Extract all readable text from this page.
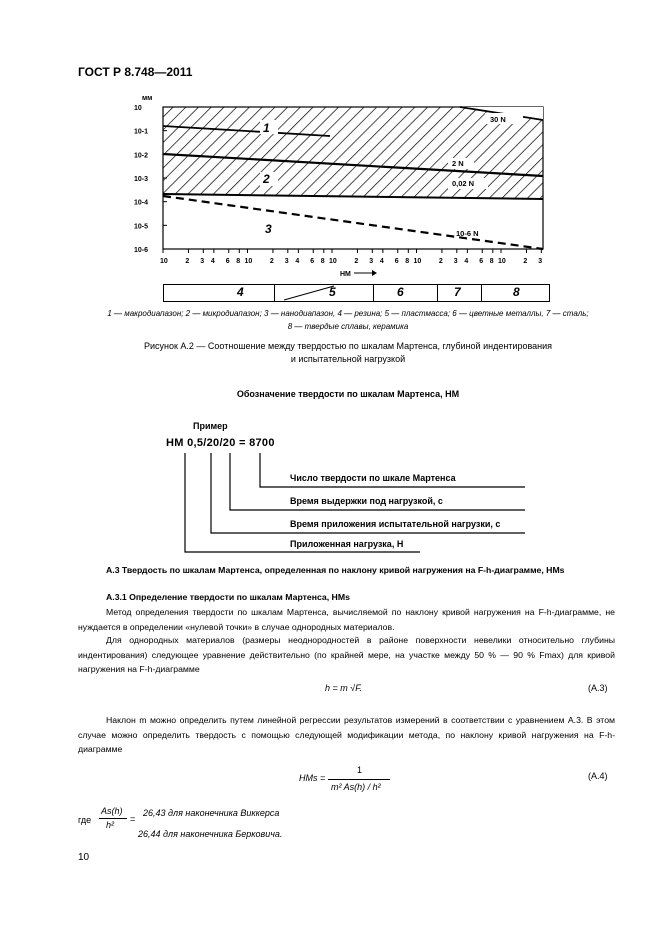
ГОСТ Р 8.748—2011
мм
10
10-1
10-2
10-3
10-4
10-5
10-6
10	2 3 4 6 8 10	2 3 4 6 8 10	2 3 4 6 8 10	2 3 4 6 8 10	2 3
1
2
3
30 N
2 N
0,02 N
10-6 N
HM
4	5	6	7	8
1 — макродиапазон; 2 — микродиапазон; 3 — нанодиапазон, 4 — резина; 5 — пластмасса; 6 — цветные металлы, 7 — сталь;
8 — твердые сплавы, керамика
Рисунок А.2 — Соотношение между твердостью по шкалам Мартенса, глубиной индентирования
и испытательной нагрузкой
Обозначение твердости по шкалам Мартенса, НМ
Пример
HM 0,5/20/20 = 8700
Число твердости по шкале Мартенса
Время выдержки под нагрузкой, с
Время приложения испытательной нагрузки, с
Приложенная нагрузка, Н
А.3 Твердость по шкалам Мартенса, определенная по наклону кривой нагружения на F-h-диаграмме, HMs
А.3.1 Определение твердости по шкалам Мартенса, HMs
Метод определения твердости по шкалам Мартенса, вычисляемой по наклону кривой нагружения на F-h-диаграмме, не нуждается в определении «нулевой точки» в случае однородных материалов.
Для однородных материалов (размеры неоднородностей в районе поверхности невелики относительно глубины индентирования) следующее уравнение действительно (по крайней мере, на участке между 50 % — 90 % Fmax) для кривой нагружения на F-h-диаграмме
h = m √F.	(А.3)
Наклон m можно определить путем линейной регрессии результатов измерений в соответствии с уравнением А.3. В этом случае можно определить твердость с помощью следующей модификации метода, по наклону кривой нагружения на F-h-диаграмме
HMs =
1
m² As(h) / h²
(А.4)
где
As(h)
h²
=
26,43 для наконечника Виккерса
26,44 для наконечника Берковича.
10
